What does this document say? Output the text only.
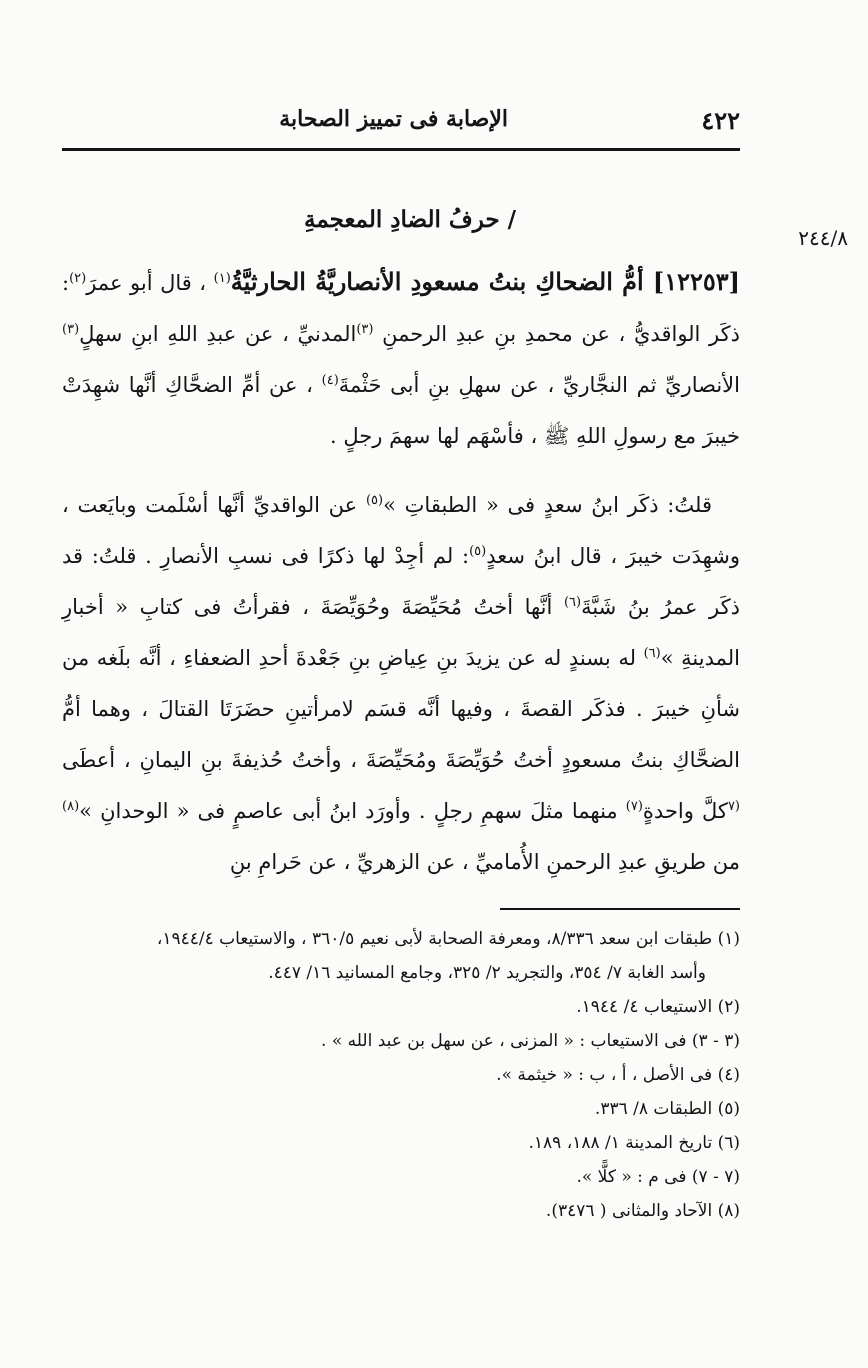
٤٢٢
الإصابة فى تمييز الصحابة
٢٤٤/٨
/ حرفُ الضادِ المعجمةِ

[١٢٢٥٣] أمُّ الضحاكِ بنتُ مسعودِ الأنصاريَّةُ الحارثيَّةُ$^{(١)}$ ، قال أبو عمرَ$^{(٢)}$: ذكَر الواقديُّ ، عن محمدِ بنِ عبدِ الرحمنِ $^{(٣)}$المدنيِّ ، عن عبدِ اللهِ ابنِ سهلٍ$^{(٣)}$ الأنصاريِّ ثم النجَّاريِّ ، عن سهلِ بنِ أبى حَثْمةَ$^{(٤)}$ ، عن أمِّ الضحَّاكِ أنَّها شهِدَتْ خيبرَ مع رسولِ اللهِ ﷺ ، فأسْهَم لها سهمَ رجلٍ .

قلتُ: ذكَر ابنُ سعدٍ فى « الطبقاتِ »$^{(٥)}$ عن الواقديِّ أنَّها أسْلَمت وبايَعت ، وشهِدَت خيبرَ ، قال ابنُ سعدٍ$^{(٥)}$: لم أجِدْ لها ذكرًا فى نسبِ الأنصارِ . قلتُ: قد ذكَر عمرُ بنُ شَبَّةَ$^{(٦)}$ أنَّها أختُ مُحَيِّصَةَ وحُوَيِّصَةَ ، فقرأتُ فى كتابِ « أخبارِ المدينةِ »$^{(٦)}$ له بسندٍ له عن يزيدَ بنِ عِياضِ بنِ جَعْدةَ أحدِ الضعفاءِ ، أنَّه بلَغه من شأنِ خيبرَ . فذكَر القصةَ ، وفيها أنَّه قسَم لامرأتينِ حضَرَتَا القتالَ ، وهما أمُّ الضحَّاكِ بنتُ مسعودٍ أختُ حُوَيِّصَةَ ومُحَيِّصَةَ ، وأختُ حُذيفةَ بنِ اليمانِ ، أعطَى $^{(٧}$كلَّ واحدةٍ$^{(٧)}$ منهما مثلَ سهمِ رجلٍ . وأورَد ابنُ أبى عاصمٍ فى « الوحدانِ »$^{(٨)}$ من طريقِ عبدِ الرحمنِ الأُماميِّ ، عن الزهريِّ ، عن حَرامِ بنِ

(١) طبقات ابن سعد ٨/٣٣٦، ومعرفة الصحابة لأبى نعيم ٣٦٠/٥ ، والاستيعاب ١٩٤٤/٤،

وأسد الغابة ٧/ ٣٥٤، والتجريد ٢/ ٣٢٥، وجامع المسانيد ١٦/ ٤٤٧.

(٢) الاستيعاب ٤/ ١٩٤٤.

(٣ - ٣) فى الاستيعاب : « المزنى ، عن سهل بن عبد الله » .

(٤) فى الأصل ، أ ، ب : « خيثمة ».

(٥) الطبقات ٨/ ٣٣٦.

(٦) تاريخ المدينة ١/ ١٨٨، ١٨٩.

(٧ - ٧) فى م : « كلًّا ».

(٨) الآحاد والمثانى ( ٣٤٧٦).
